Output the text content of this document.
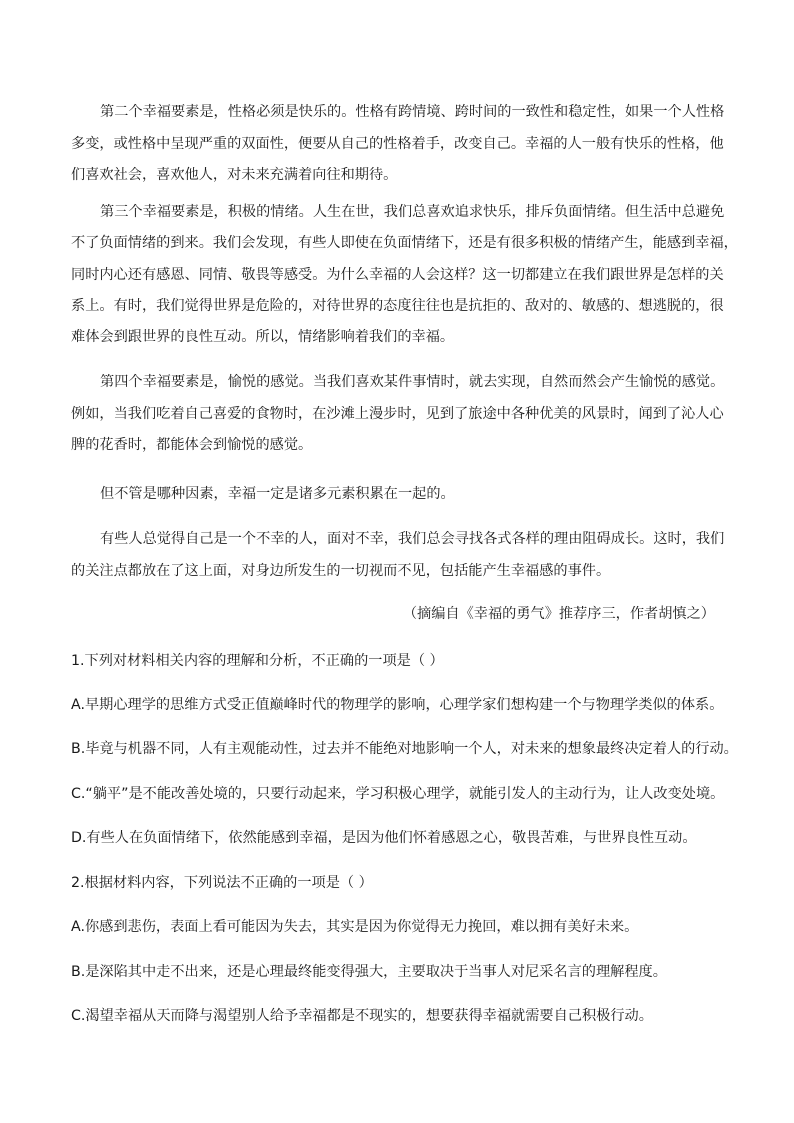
第二个幸福要素是，性格必须是快乐的。性格有跨情境、跨时间的一致性和稳定性，如果一个人性格
多变，或性格中呈现严重的双面性，便要从自己的性格着手，改变自己。幸福的人一般有快乐的性格，他
们喜欢社会，喜欢他人，对未来充满着向往和期待。
第三个幸福要素是，积极的情绪。人生在世，我们总喜欢追求快乐，排斥负面情绪。但生活中总避免
不了负面情绪的到来。我们会发现，有些人即使在负面情绪下，还是有很多积极的情绪产生，能感到幸福，
同时内心还有感恩、同情、敬畏等感受。为什么幸福的人会这样？这一切都建立在我们跟世界是怎样的关
系上。有时，我们觉得世界是危险的，对待世界的态度往往也是抗拒的、敌对的、敏感的、想逃脱的，很
难体会到跟世界的良性互动。所以，情绪影响着我们的幸福。
第四个幸福要素是，愉悦的感觉。当我们喜欢某件事情时，就去实现，自然而然会产生愉悦的感觉。
例如，当我们吃着自己喜爱的食物时，在沙滩上漫步时，见到了旅途中各种优美的风景时，闻到了沁人心
脾的花香时，都能体会到愉悦的感觉。
但不管是哪种因素，幸福一定是诸多元素积累在一起的。
有些人总觉得自己是一个不幸的人，面对不幸，我们总会寻找各式各样的理由阻碍成长。这时，我们
的关注点都放在了这上面，对身边所发生的一切视而不见，包括能产生幸福感的事件。

（摘编自《幸福的勇气》推荐序三，作者胡慎之）

1.下列对材料相关内容的理解和分析，不正确的一项是（ ）

A.早期心理学的思维方式受正值巅峰时代的物理学的影响，心理学家们想构建一个与物理学类似的体系。

B.毕竟与机器不同，人有主观能动性，过去并不能绝对地影响一个人，对未来的想象最终决定着人的行动。

C.“躺平”是不能改善处境的，只要行动起来，学习积极心理学，就能引发人的主动行为，让人改变处境。

D.有些人在负面情绪下，依然能感到幸福，是因为他们怀着感恩之心，敬畏苦难，与世界良性互动。

2.根据材料内容，下列说法不正确的一项是（ ）

A.你感到悲伤，表面上看可能因为失去，其实是因为你觉得无力挽回，难以拥有美好未来。

B.是深陷其中走不出来，还是心理最终能变得强大，主要取决于当事人对尼采名言的理解程度。

C.渴望幸福从天而降与渴望别人给予幸福都是不现实的，想要获得幸福就需要自己积极行动。
